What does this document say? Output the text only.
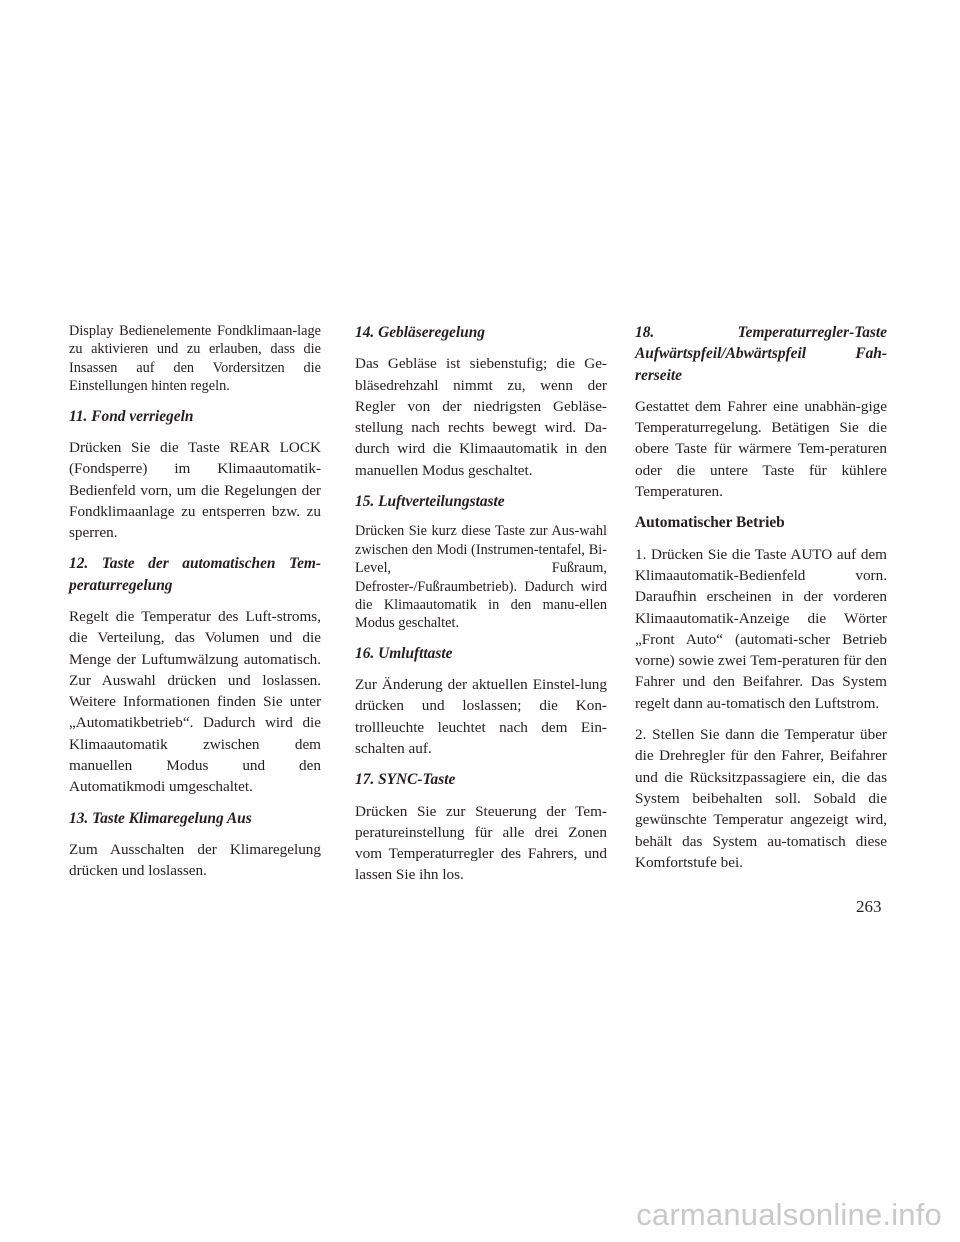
Display Bedienelemente Fondklimaan-lage zu aktivieren und zu erlauben, dass die Insassen auf den Vordersitzen die Einstellungen hinten regeln.

11. Fond verriegeln

Drücken Sie die Taste REAR LOCK (Fondsperre) im Klimaautomatik-Bedienfeld vorn, um die Regelungen der Fondklimaanlage zu entsperren bzw. zu sperren.

12. Taste der automatischen Tem-peraturregelung

Regelt die Temperatur des Luft-stroms, die Verteilung, das Volumen und die Menge der Luftumwälzung automatisch. Zur Auswahl drücken und loslassen. Weitere Informationen finden Sie unter „Automatikbetrieb“. Dadurch wird die Klimaautomatik zwischen dem manuellen Modus und den Automatikmodi umgeschaltet.

13. Taste Klimaregelung Aus

Zum Ausschalten der Klimaregelung drücken und loslassen.

14. Gebläseregelung

Das Gebläse ist siebenstufig; die Ge-bläsedrehzahl nimmt zu, wenn der Regler von der niedrigsten Gebläse-stellung nach rechts bewegt wird. Da-durch wird die Klimaautomatik in den manuellen Modus geschaltet.

15. Luftverteilungstaste

Drücken Sie kurz diese Taste zur Aus-wahl zwischen den Modi (Instrumen-tentafel, Bi-Level, Fußraum, Defroster-/Fußraumbetrieb). Dadurch wird die Klimaautomatik in den manu-ellen Modus geschaltet.

16. Umlufttaste

Zur Änderung der aktuellen Einstel-lung drücken und loslassen; die Kon-trollleuchte leuchtet nach dem Ein-schalten auf.

17. SYNC-Taste

Drücken Sie zur Steuerung der Tem-peratureinstellung für alle drei Zonen vom Temperaturregler des Fahrers, und lassen Sie ihn los.

18. Temperaturregler-Taste Aufwärtspfeil/Abwärtspfeil Fah-rerseite

Gestattet dem Fahrer eine unabhän-gige Temperaturregelung. Betätigen Sie die obere Taste für wärmere Tem-peraturen oder die untere Taste für kühlere Temperaturen.

Automatischer Betrieb

1. Drücken Sie die Taste AUTO auf dem Klimaautomatik-Bedienfeld vorn. Daraufhin erscheinen in der vorderen Klimaautomatik-Anzeige die Wörter „Front Auto“ (automati-scher Betrieb vorne) sowie zwei Tem-peraturen für den Fahrer und den Beifahrer. Das System regelt dann au-tomatisch den Luftstrom.

2. Stellen Sie dann die Temperatur über die Drehregler für den Fahrer, Beifahrer und die Rücksitzpassagiere ein, die das System beibehalten soll. Sobald die gewünschte Temperatur angezeigt wird, behält das System au-tomatisch diese Komfortstufe bei.

263
carmanualsonline.info
